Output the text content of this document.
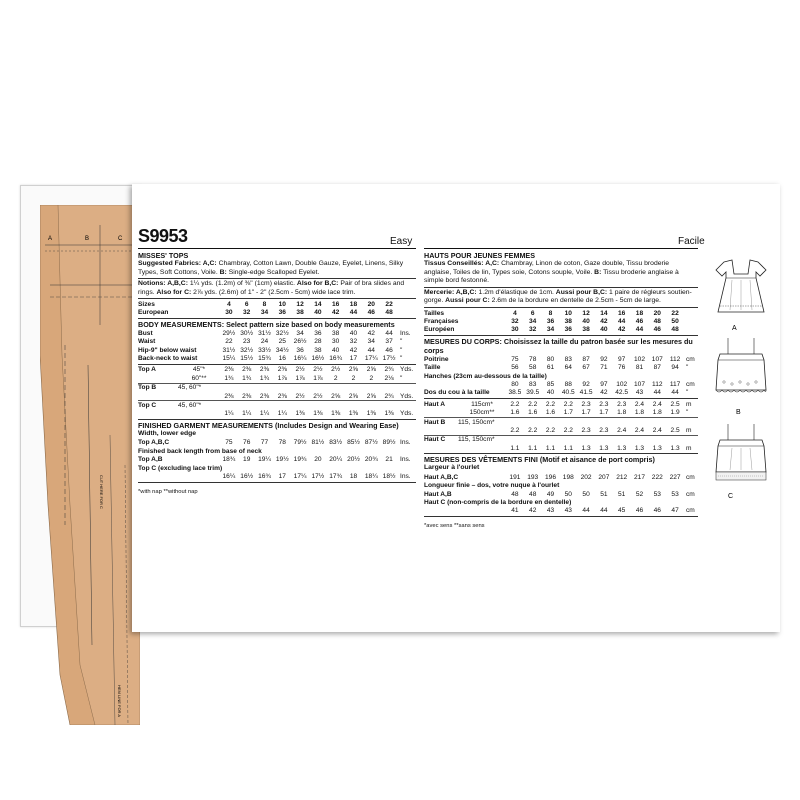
A	B	C
CUT HERE FOR C
HEM LINE FOR A
S9953	Easy	Facile

MISSES' TOPS

Suggested Fabrics: A,C: Chambray, Cotton Lawn, Double Gauze, Eyelet, Linens, Silky Types, Soft Cottons, Voile. B: Single-edge Scalloped Eyelet.

Notions: A,B,C: 1¼ yds. (1.2m) of ⅜" (1cm) elastic. Also for B,C: Pair of bra slides and rings. Also for C: 2⅞ yds. (2.6m) of 1" - 2" (2.5cm - 5cm) wide lace trim.

Sizes		4	6	8	10	12	14	16	18	20	22	
European		30	32	34	36	38	40	42	44	46	48	

BODY MEASUREMENTS: Select pattern size based on body measurements

Bust	29½	30½	31½	32½	34	36	38	40	42	44	Ins.
Waist	22	23	24	25	26½	28	30	32	34	37	"
Hip-9" below waist	31½	32½	33½	34½	36	38	40	42	44	46	"
Back-neck to waist	15¼	15½	15¾	16	16¼	16½	16¾	17	17¼	17½	"
Top A	45"*	2⅜	2⅜	2⅜	2⅜	2½	2½	2½	2⅝	2⅝	2¾	Yds.
	60"**	1¾	1¾	1¾	1⅞	1⅞	1⅞	2	2	2	2⅛	"
Top B	45, 60"*											
		2⅜	2⅜	2⅜	2⅜	2½	2½	2⅝	2⅝	2⅝	2¾	Yds.
Top C	45, 60"*											
		1¼	1¼	1¼	1¼	1⅜	1⅜	1⅜	1⅜	1⅜	1⅜	Yds.

FINISHED GARMENT MEASUREMENTS (Includes Design and Wearing Ease)

Width, lower edge

Top A,B,C	75	76	77	78	79½	81½	83½	85½	87½	89½	Ins.
Finished back length from base of neck											
Top A,B	18¾	19	19¼	19½	19¾	20	20¼	20½	20¾	21	Ins.
Top C (excluding lace trim)											
	16¼	16½	16¾	17	17¼	17½	17¾	18	18¼	18½	Ins.
*with nap **without nap

HAUTS POUR JEUNES FEMMES

Tissus Conseillés: A,C: Chambray, Linon de coton, Gaze double, Tissu broderie anglaise, Toiles de lin, Types soie, Cotons souple, Voile. B: Tissu broderie anglaise à simple bord festonné.

Mercerie: A,B,C: 1.2m d'élastique de 1cm. Aussi pour B,C: 1 paire de régleurs soutien-gorge. Aussi pour C: 2.6m de la bordure en dentelle de 2.5cm - 5cm de large.

Tailles		4	6	8	10	12	14	16	18	20	22	
Françaises		32	34	36	38	40	42	44	46	48	50	
Européen		30	32	34	36	38	40	42	44	46	48	

MESURES DU CORPS: Choisissez la taille du patron basée sur les mesures du corps

Poitrine	75	78	80	83	87	92	97	102	107	112	cm
Taille	56	58	61	64	67	71	76	81	87	94	"
Hanches (23cm au-dessous de la taille)											
	80	83	85	88	92	97	102	107	112	117	cm
Dos du cou à la taille	38.5	39.5	40	40.5	41.5	42	42.5	43	44	44	"
Haut A	115cm*	2.2	2.2	2.2	2.2	2.3	2.3	2.3	2.4	2.4	2.5	m
	150cm**	1.6	1.6	1.6	1.7	1.7	1.7	1.8	1.8	1.8	1.9	"
Haut B	115, 150cm*											
		2.2	2.2	2.2	2.2	2.3	2.3	2.4	2.4	2.4	2.5	m
Haut C	115, 150cm*											
		1.1	1.1	1.1	1.1	1.3	1.3	1.3	1.3	1.3	1.3	m

MESURES DES VÊTEMENTS FINI (Motif et aisance de port compris)

Largeur à l'ourlet

Haut A,B,C	191	193	196	198	202	207	212	217	222	227	cm
Longueur finie – dos, votre nuque à l'ourlet											
Haut A,B	48	48	49	50	50	51	51	52	53	53	cm
Haut C (non-compris de la bordure en dentelle)											
	41	42	43	43	44	44	45	46	46	47	cm
*avec sens **sans sens
A
B
C
